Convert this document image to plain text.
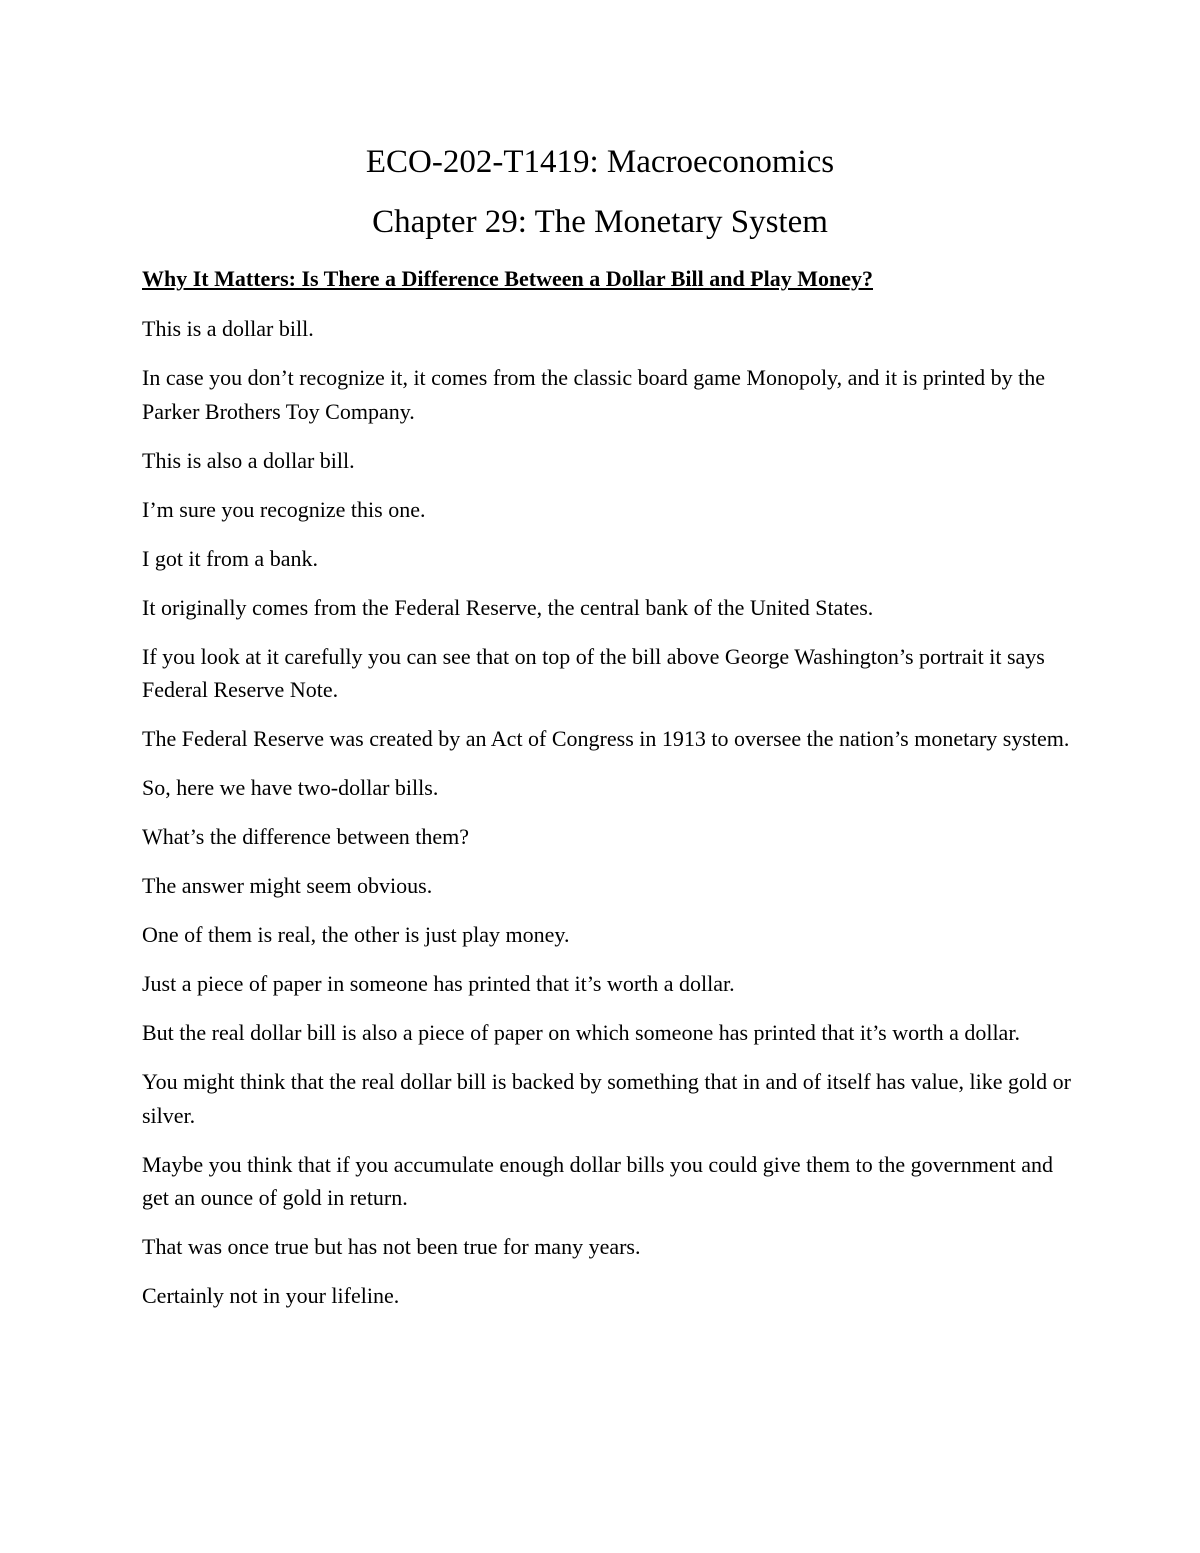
ECO-202-T1419: Macroeconomics
Chapter 29: The Monetary System
Why It Matters: Is There a Difference Between a Dollar Bill and Play Money?

This is a dollar bill.

In case you don’t recognize it, it comes from the classic board game Monopoly, and it is printed by the Parker Brothers Toy Company.

This is also a dollar bill.

I’m sure you recognize this one.

I got it from a bank.

It originally comes from the Federal Reserve, the central bank of the United States.

If you look at it carefully you can see that on top of the bill above George Washington’s portrait it says Federal Reserve Note.

The Federal Reserve was created by an Act of Congress in 1913 to oversee the nation’s monetary system.

So, here we have two-dollar bills.

What’s the difference between them?

The answer might seem obvious.

One of them is real, the other is just play money.

Just a piece of paper in someone has printed that it’s worth a dollar.

But the real dollar bill is also a piece of paper on which someone has printed that it’s worth a dollar.

You might think that the real dollar bill is backed by something that in and of itself has value, like gold or silver.

Maybe you think that if you accumulate enough dollar bills you could give them to the government and get an ounce of gold in return.

That was once true but has not been true for many years.

Certainly not in your lifeline.
